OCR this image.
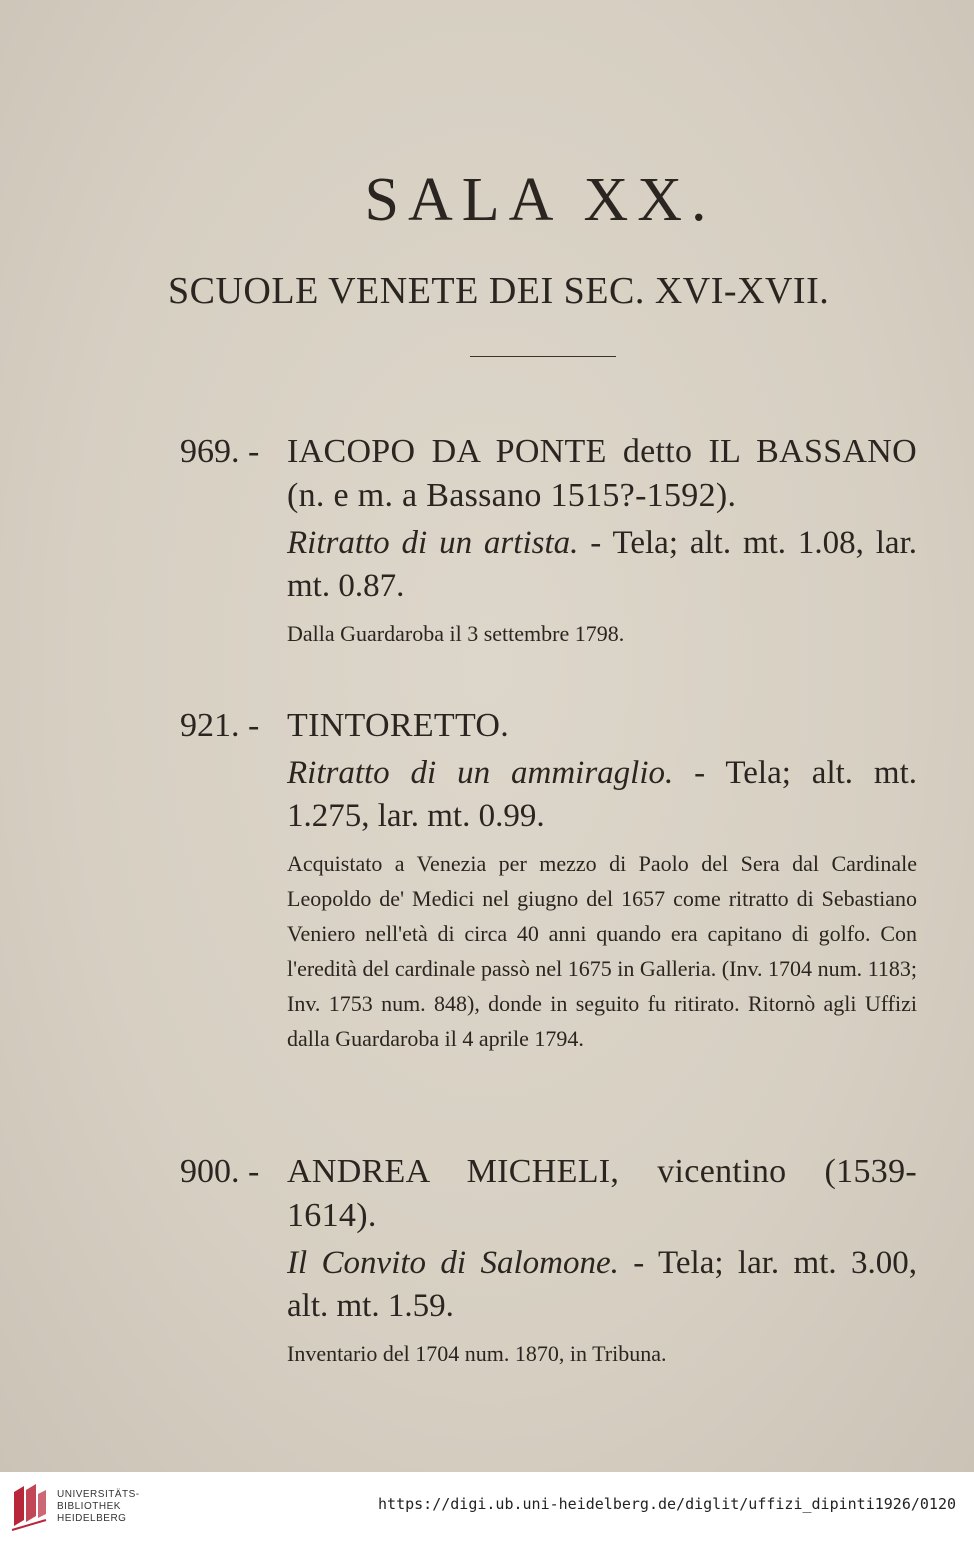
SALA XX.
SCUOLE VENETE DEI SEC. XVI-XVII.
969. - IACOPO DA PONTE detto IL BASSANO (n. e m. a Bassano 1515?-1592).
Ritratto di un artista. - Tela; alt. mt. 1.08, lar. mt. 0.87.
Dalla Guardaroba il 3 settembre 1798.
921. - TINTORETTO.
Ritratto di un ammiraglio. - Tela; alt. mt. 1.275, lar. mt. 0.99.
Acquistato a Venezia per mezzo di Paolo del Sera dal Cardinale Leopoldo de' Medici nel giugno del 1657 come ritratto di Sebastiano Veniero nell'età di circa 40 anni quando era capitano di golfo. Con l'eredità del cardinale passò nel 1675 in Galleria. (Inv. 1704 num. 1183; Inv. 1753 num. 848), donde in seguito fu ritirato. Ritornò agli Uffizi dalla Guardaroba il 4 aprile 1794.
900. - ANDREA MICHELI, vicentino (1539-1614).
Il Convito di Salomone. - Tela; lar. mt. 3.00, alt. mt. 1.59.
Inventario del 1704 num. 1870, in Tribuna.
UNIVERSITÄTS-
BIBLIOTHEK
HEIDELBERG
https://digi.ub.uni-heidelberg.de/diglit/uffizi_dipinti1926/0120
